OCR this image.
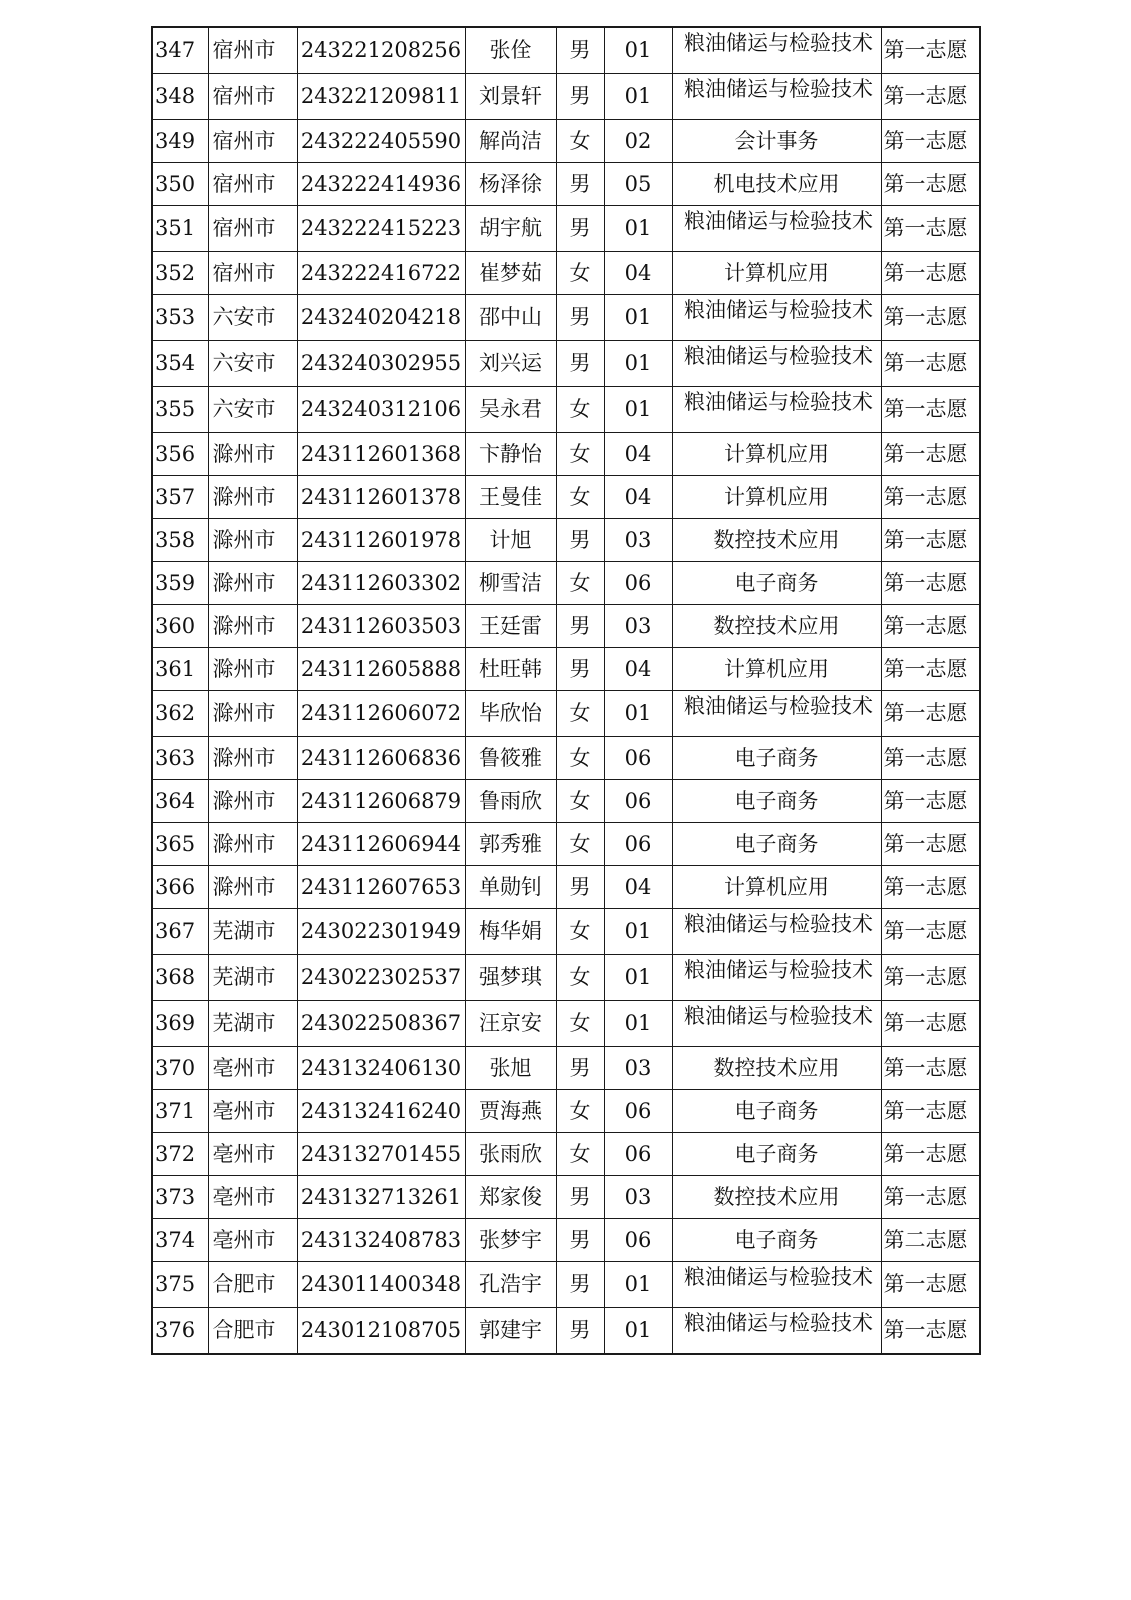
347	宿州市	243221208256	张佺	男	01	粮油储运与检验技术	第一志愿
348	宿州市	243221209811	刘景轩	男	01	粮油储运与检验技术	第一志愿
349	宿州市	243222405590	解尚洁	女	02	会计事务	第一志愿
350	宿州市	243222414936	杨泽徐	男	05	机电技术应用	第一志愿
351	宿州市	243222415223	胡宇航	男	01	粮油储运与检验技术	第一志愿
352	宿州市	243222416722	崔梦茹	女	04	计算机应用	第一志愿
353	六安市	243240204218	邵中山	男	01	粮油储运与检验技术	第一志愿
354	六安市	243240302955	刘兴运	男	01	粮油储运与检验技术	第一志愿
355	六安市	243240312106	吴永君	女	01	粮油储运与检验技术	第一志愿
356	滁州市	243112601368	卞静怡	女	04	计算机应用	第一志愿
357	滁州市	243112601378	王曼佳	女	04	计算机应用	第一志愿
358	滁州市	243112601978	计旭	男	03	数控技术应用	第一志愿
359	滁州市	243112603302	柳雪洁	女	06	电子商务	第一志愿
360	滁州市	243112603503	王廷雷	男	03	数控技术应用	第一志愿
361	滁州市	243112605888	杜旺韩	男	04	计算机应用	第一志愿
362	滁州市	243112606072	毕欣怡	女	01	粮油储运与检验技术	第一志愿
363	滁州市	243112606836	鲁筱雅	女	06	电子商务	第一志愿
364	滁州市	243112606879	鲁雨欣	女	06	电子商务	第一志愿
365	滁州市	243112606944	郭秀雅	女	06	电子商务	第一志愿
366	滁州市	243112607653	单勋钊	男	04	计算机应用	第一志愿
367	芜湖市	243022301949	梅华娟	女	01	粮油储运与检验技术	第一志愿
368	芜湖市	243022302537	强梦琪	女	01	粮油储运与检验技术	第一志愿
369	芜湖市	243022508367	汪京安	女	01	粮油储运与检验技术	第一志愿
370	亳州市	243132406130	张旭	男	03	数控技术应用	第一志愿
371	亳州市	243132416240	贾海燕	女	06	电子商务	第一志愿
372	亳州市	243132701455	张雨欣	女	06	电子商务	第一志愿
373	亳州市	243132713261	郑家俊	男	03	数控技术应用	第一志愿
374	亳州市	243132408783	张梦宇	男	06	电子商务	第二志愿
375	合肥市	243011400348	孔浩宇	男	01	粮油储运与检验技术	第一志愿
376	合肥市	243012108705	郭建宇	男	01	粮油储运与检验技术	第一志愿
